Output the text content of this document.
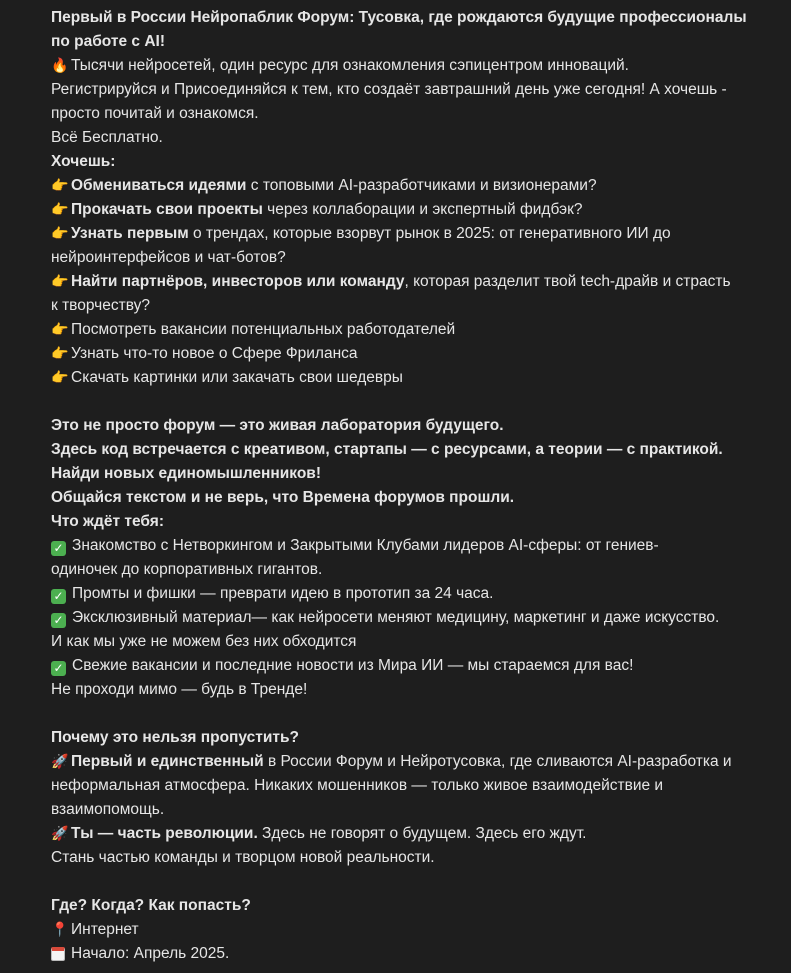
Первый в России Нейропаблик Форум: Тусовка, где рождаются будущие профессионалы
по работе с AI!
🔥 Тысячи нейросетей, один ресурс для ознакомления сэпицентром инноваций.
Регистрируйся и Присоединяйся к тем, кто создаёт завтрашний день уже сегодня! А хочешь -
просто почитай и ознакомся.
Всё Бесплатно.
Хочешь:
👉 Обмениваться идеями с топовыми AI-разработчиками и визионерами?
👉 Прокачать свои проекты через коллаборации и экспертный фидбэк?
👉 Узнать первым о трендах, которые взорвут рынок в 2025: от генеративного ИИ до
нейроинтерфейсов и чат-ботов?
👉 Найти партнёров, инвесторов или команду, которая разделит твой tech-драйв и страсть
к творчеству?
👉 Посмотреть вакансии потенциальных работодателей
👉 Узнать что-то новое о Сфере Фриланса
👉 Скачать картинки или закачать свои шедевры
Это не просто форум — это живая лаборатория будущего.
Здесь код встречается с креативом, стартапы — с ресурсами, а теории — с практикой.
Найди новых единомышленников!
Общайся текстом и не верь, что Времена форумов прошли.
Что ждёт тебя:
✓ Знакомство с Нетворкингом и Закрытыми Клубами лидеров AI-сферы: от гениев-
одиночек до корпоративных гигантов.
✓ Промты и фишки — преврати идею в прототип за 24 часа.
✓ Эксклюзивный материал— как нейросети меняют медицину, маркетинг и даже искусство.
И как мы уже не можем без них обходится
✓ Свежие вакансии и последние новости из Мира ИИ — мы стараемся для вас!
Не проходи мимо — будь в Тренде!
Почему это нельзя пропустить?
🚀 Первый и единственный в России Форум и Нейротусовка, где сливаются AI-разработка и
неформальная атмосфера. Никаких мошенников — только живое взаимодействие и
взаимопомощь.
🚀 Ты — часть революции. Здесь не говорят о будущем. Здесь его ждут.
Стань частью команды и творцом новой реальности.
Где? Когда? Как попасть?
📍 Интернет
Начало: Апрель 2025.
